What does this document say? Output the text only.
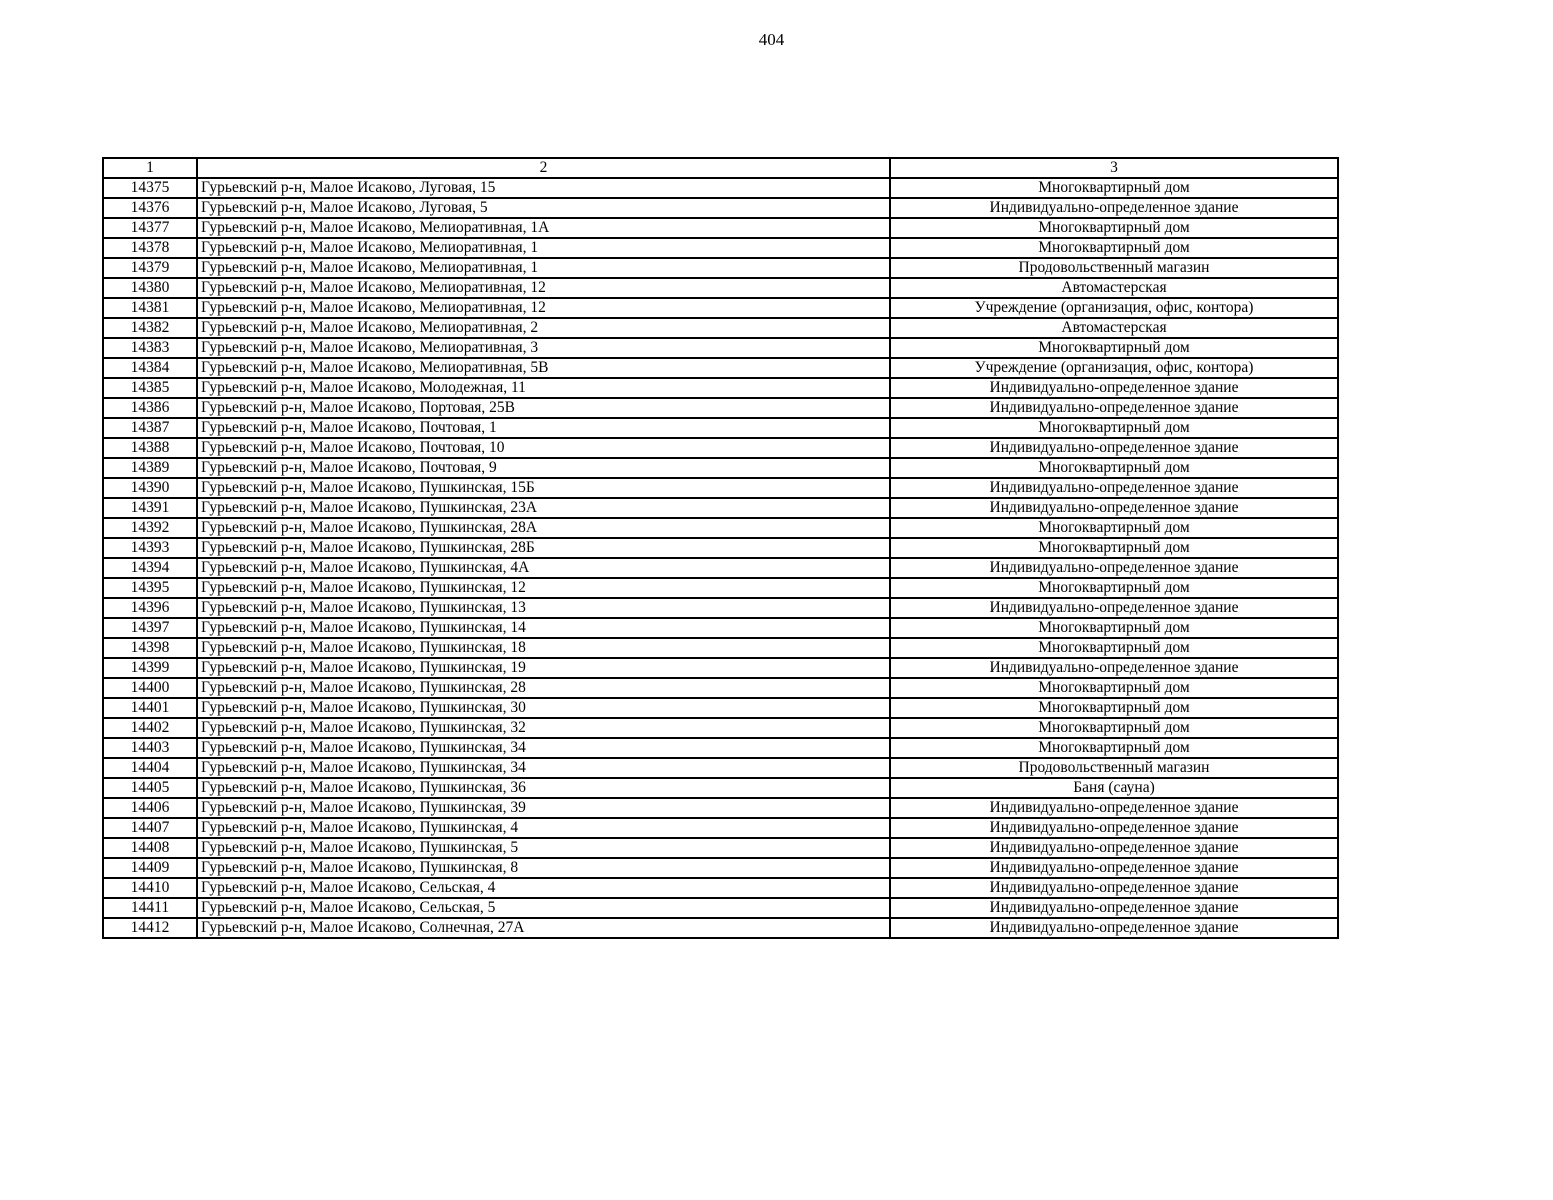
404
1	2	3
14375	Гурьевский р-н, Малое Исаково, Луговая, 15	Многоквартирный дом
14376	Гурьевский р-н, Малое Исаково, Луговая, 5	Индивидуально-определенное здание
14377	Гурьевский р-н, Малое Исаково, Мелиоративная, 1А	Многоквартирный дом
14378	Гурьевский р-н, Малое Исаково, Мелиоративная, 1	Многоквартирный дом
14379	Гурьевский р-н, Малое Исаково, Мелиоративная, 1	Продовольственный магазин
14380	Гурьевский р-н, Малое Исаково, Мелиоративная, 12	Автомастерская
14381	Гурьевский р-н, Малое Исаково, Мелиоративная, 12	Учреждение (организация, офис, контора)
14382	Гурьевский р-н, Малое Исаково, Мелиоративная, 2	Автомастерская
14383	Гурьевский р-н, Малое Исаково, Мелиоративная, 3	Многоквартирный дом
14384	Гурьевский р-н, Малое Исаково, Мелиоративная, 5В	Учреждение (организация, офис, контора)
14385	Гурьевский р-н, Малое Исаково, Молодежная, 11	Индивидуально-определенное здание
14386	Гурьевский р-н, Малое Исаково, Портовая, 25В	Индивидуально-определенное здание
14387	Гурьевский р-н, Малое Исаково, Почтовая, 1	Многоквартирный дом
14388	Гурьевский р-н, Малое Исаково, Почтовая, 10	Индивидуально-определенное здание
14389	Гурьевский р-н, Малое Исаково, Почтовая, 9	Многоквартирный дом
14390	Гурьевский р-н, Малое Исаково, Пушкинская, 15Б	Индивидуально-определенное здание
14391	Гурьевский р-н, Малое Исаково, Пушкинская, 23А	Индивидуально-определенное здание
14392	Гурьевский р-н, Малое Исаково, Пушкинская, 28А	Многоквартирный дом
14393	Гурьевский р-н, Малое Исаково, Пушкинская, 28Б	Многоквартирный дом
14394	Гурьевский р-н, Малое Исаково, Пушкинская, 4А	Индивидуально-определенное здание
14395	Гурьевский р-н, Малое Исаково, Пушкинская, 12	Многоквартирный дом
14396	Гурьевский р-н, Малое Исаково, Пушкинская, 13	Индивидуально-определенное здание
14397	Гурьевский р-н, Малое Исаково, Пушкинская, 14	Многоквартирный дом
14398	Гурьевский р-н, Малое Исаково, Пушкинская, 18	Многоквартирный дом
14399	Гурьевский р-н, Малое Исаково, Пушкинская, 19	Индивидуально-определенное здание
14400	Гурьевский р-н, Малое Исаково, Пушкинская, 28	Многоквартирный дом
14401	Гурьевский р-н, Малое Исаково, Пушкинская, 30	Многоквартирный дом
14402	Гурьевский р-н, Малое Исаково, Пушкинская, 32	Многоквартирный дом
14403	Гурьевский р-н, Малое Исаково, Пушкинская, 34	Многоквартирный дом
14404	Гурьевский р-н, Малое Исаково, Пушкинская, 34	Продовольственный магазин
14405	Гурьевский р-н, Малое Исаково, Пушкинская, 36	Баня (сауна)
14406	Гурьевский р-н, Малое Исаково, Пушкинская, 39	Индивидуально-определенное здание
14407	Гурьевский р-н, Малое Исаково, Пушкинская, 4	Индивидуально-определенное здание
14408	Гурьевский р-н, Малое Исаково, Пушкинская, 5	Индивидуально-определенное здание
14409	Гурьевский р-н, Малое Исаково, Пушкинская, 8	Индивидуально-определенное здание
14410	Гурьевский р-н, Малое Исаково, Сельская, 4	Индивидуально-определенное здание
14411	Гурьевский р-н, Малое Исаково, Сельская, 5	Индивидуально-определенное здание
14412	Гурьевский р-н, Малое Исаково, Солнечная, 27А	Индивидуально-определенное здание
